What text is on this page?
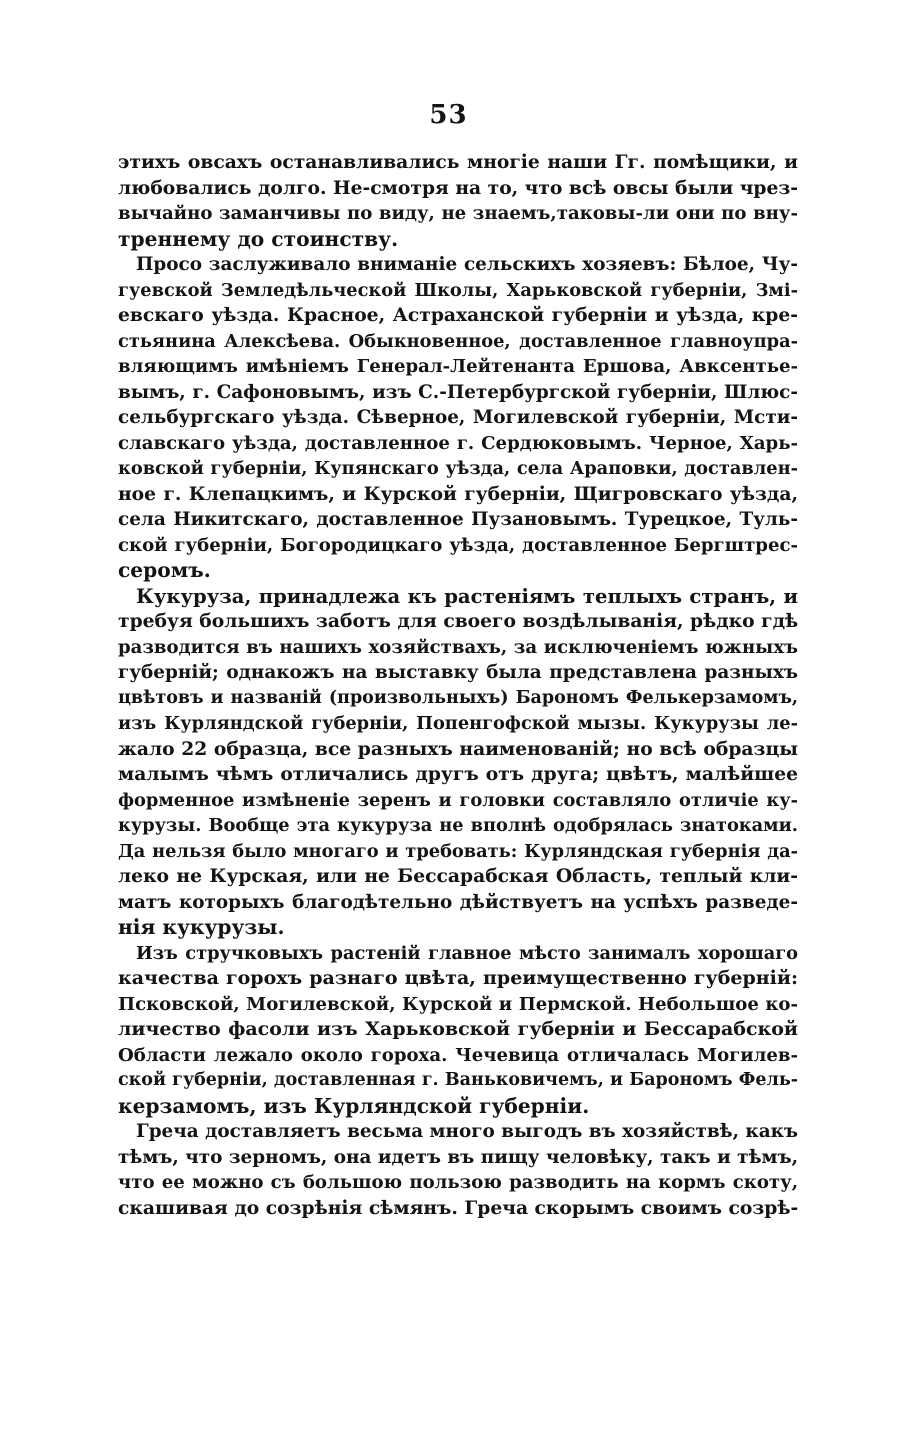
53
этихъ овсахъ останавливались многіе наши Гг. помѣщики, и
любовались долго. Не-смотря на то, что всѣ овсы были чрез-
вычайно заманчивы по виду, не знаемъ,таковы-ли они по вну-
треннему до стоинству.
Просо заслуживало вниманіе сельскихъ хозяевъ: Бѣлое, Чу-
гуевской Земледѣльческой Школы, Харьковской губерніи, Змі-
евскаго уѣзда. Красное, Астраханской губерніи и уѣзда, кре-
стьянина Алексѣева. Обыкновенное, доставленное главноупра-
вляющимъ имѣніемъ Генерал-Лейтенанта Ершова, Авксентье-
вымъ, г. Сафоновымъ, изъ С.-Петербургской губерніи, Шлюс-
сельбургскаго уѣзда. Сѣверное, Могилевской губерніи, Мсти-
славскаго уѣзда, доставленное г. Сердюковымъ. Черное, Харь-
ковской губерніи, Купянскаго уѣзда, села Араповки, доставлен-
ное г. Клепацкимъ, и Курской губерніи, Щигровскаго уѣзда,
села Никитскаго, доставленное Пузановымъ. Турецкое, Туль-
ской губерніи, Богородицкаго уѣзда, доставленное Бергштрес-
серомъ.
Кукуруза, принадлежа къ растеніямъ теплыхъ странъ, и
требуя большихъ заботъ для своего воздѣлыванія, рѣдко гдѣ
разводится въ нашихъ хозяйствахъ, за исключеніемъ южныхъ
губерній; однакожъ на выставку была представлена разныхъ
цвѣтовъ и названій (произвольныхъ) Барономъ Фелькерзамомъ,
изъ Курляндской губерніи, Попенгофской мызы. Кукурузы ле-
жало 22 образца, все разныхъ наименованій; но всѣ образцы
малымъ чѣмъ отличались другъ отъ друга; цвѣтъ, малѣйшее
форменное измѣненіе зеренъ и головки составляло отличіе ку-
курузы. Вообще эта кукуруза не вполнѣ одобрялась знатоками.
Да нельзя было многаго и требовать: Курляндская губернія да-
леко не Курская, или не Бессарабская Область, теплый кли-
матъ которыхъ благодѣтельно дѣйствуетъ на успѣхъ разведе-
нія кукурузы.
Изъ стручковыхъ растеній главное мѣсто занималъ хорошаго
качества горохъ разнаго цвѣта, преимущественно губерній:
Псковской, Могилевской, Курской и Пермской. Небольшое ко-
личество фасоли изъ Харьковской губерніи и Бессарабской
Области лежало около гороха. Чечевица отличалась Могилев-
ской губерніи, доставленная г. Ваньковичемъ, и Барономъ Фель-
керзамомъ, изъ Курляндской губерніи.
Греча доставляетъ весьма много выгодъ въ хозяйствѣ, какъ
тѣмъ, что зерномъ, она идетъ въ пищу человѣку, такъ и тѣмъ,
что ее можно съ большою пользою разводить на кормъ скоту,
скашивая до созрѣнія сѣмянъ. Греча скорымъ своимъ созрѣ-
